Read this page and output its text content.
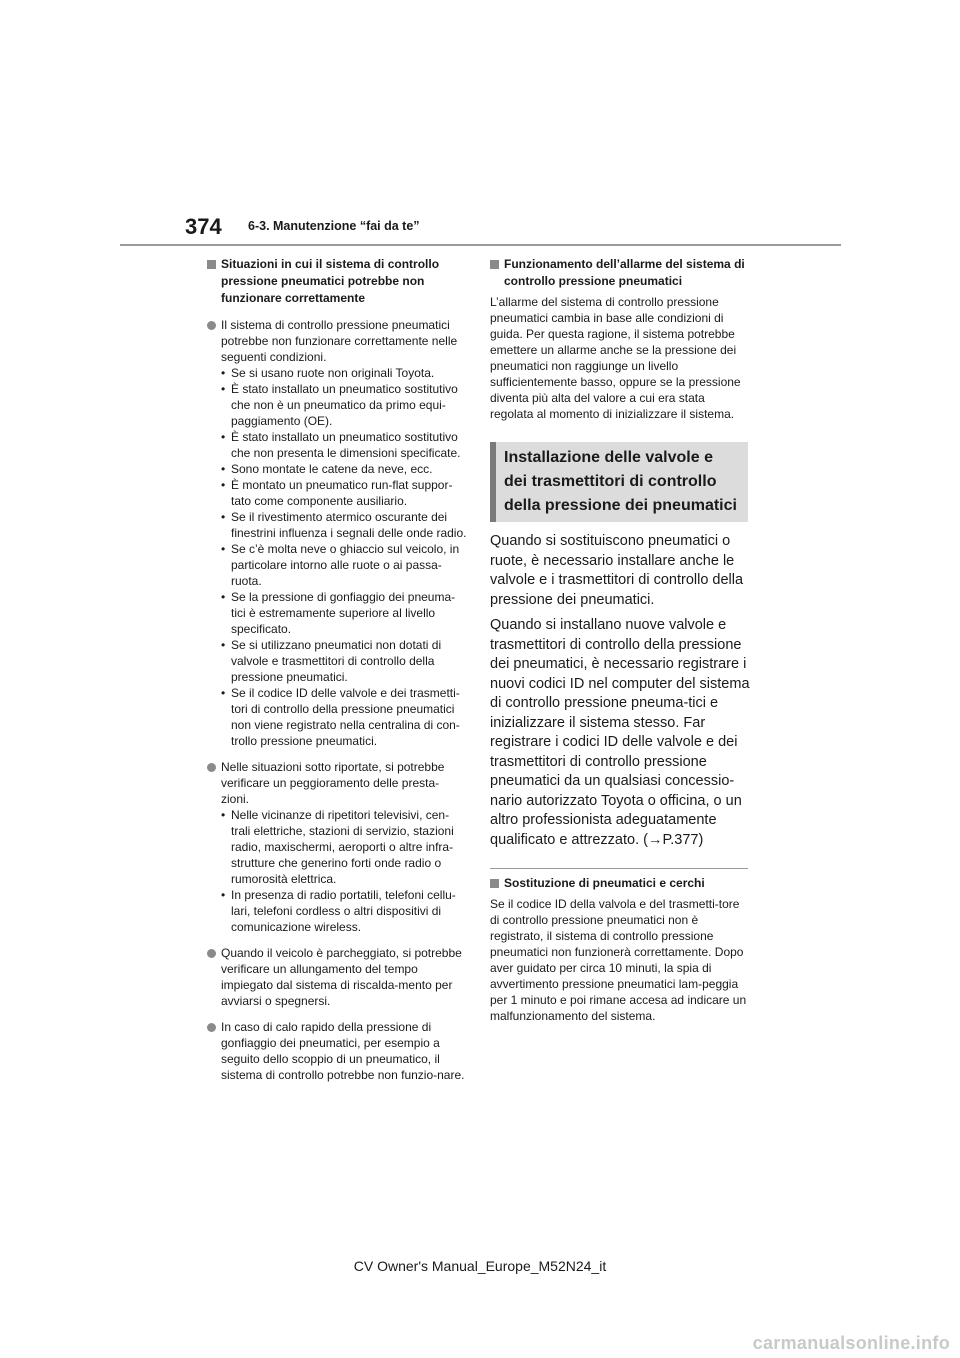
374 6-3. Manutenzione “fai da te”
Situazioni in cui il sistema di controllo pressione pneumatici potrebbe non funzionare correttamente

Il sistema di controllo pressione pneumatici potrebbe non funzionare correttamente nelle seguenti condizioni.

• Se si usano ruote non originali Toyota.
• È stato installato un pneumatico sostitutivo che non è un pneumatico da primo equi-paggiamento (OE).
• È stato installato un pneumatico sostitutivo che non presenta le dimensioni specificate.
• Sono montate le catene da neve, ecc.
• È montato un pneumatico run-flat suppor-tato come componente ausiliario.
• Se il rivestimento atermico oscurante dei finestrini influenza i segnali delle onde radio.
• Se c’è molta neve o ghiaccio sul veicolo, in particolare intorno alle ruote o ai passa-ruota.
• Se la pressione di gonfiaggio dei pneuma-tici è estremamente superiore al livello specificato.
• Se si utilizzano pneumatici non dotati di valvole e trasmettitori di controllo della pressione pneumatici.
• Se il codice ID delle valvole e dei trasmetti-tori di controllo della pressione pneumatici non viene registrato nella centralina di con-trollo pressione pneumatici.

Nelle situazioni sotto riportate, si potrebbe verificare un peggioramento delle presta-zioni.

• Nelle vicinanze di ripetitori televisivi, cen-trali elettriche, stazioni di servizio, stazioni radio, maxischermi, aeroporti o altre infra-strutture che generino forti onde radio o rumorosità elettrica.
• In presenza di radio portatili, telefoni cellu-lari, telefoni cordless o altri dispositivi di comunicazione wireless.

Quando il veicolo è parcheggiato, si potrebbe verificare un allungamento del tempo impiegato dal sistema di riscalda-mento per avviarsi o spegnersi.

In caso di calo rapido della pressione di gonfiaggio dei pneumatici, per esempio a seguito dello scoppio di un pneumatico, il sistema di controllo potrebbe non funzio-nare.

Funzionamento dell’allarme del sistema di controllo pressione pneumatici

L’allarme del sistema di controllo pressione pneumatici cambia in base alle condizioni di guida. Per questa ragione, il sistema potrebbe emettere un allarme anche se la pressione dei pneumatici non raggiunge un livello sufficientemente basso, oppure se la pressione diventa più alta del valore a cui era stata regolata al momento di inizializzare il sistema.

Installazione delle valvole e dei trasmettitori di controllo della pressione dei pneumatici

Quando si sostituiscono pneumatici o ruote, è necessario installare anche le valvole e i trasmettitori di controllo della pressione dei pneumatici.

Quando si installano nuove valvole e trasmettitori di controllo della pressione dei pneumatici, è necessario registrare i nuovi codici ID nel computer del sistema di controllo pressione pneuma-tici e inizializzare il sistema stesso. Far registrare i codici ID delle valvole e dei trasmettitori di controllo pressione pneumatici da un qualsiasi concessio-nario autorizzato Toyota o officina, o un altro professionista adeguatamente qualificato e attrezzato. (→P.377)

Sostituzione di pneumatici e cerchi

Se il codice ID della valvola e del trasmetti-tore di controllo pressione pneumatici non è registrato, il sistema di controllo pressione pneumatici non funzionerà correttamente. Dopo aver guidato per circa 10 minuti, la spia di avvertimento pressione pneumatici lam-peggia per 1 minuto e poi rimane accesa ad indicare un malfunzionamento del sistema.

CV Owner's Manual_Europe_M52N24_it
carmanualsonline.info
